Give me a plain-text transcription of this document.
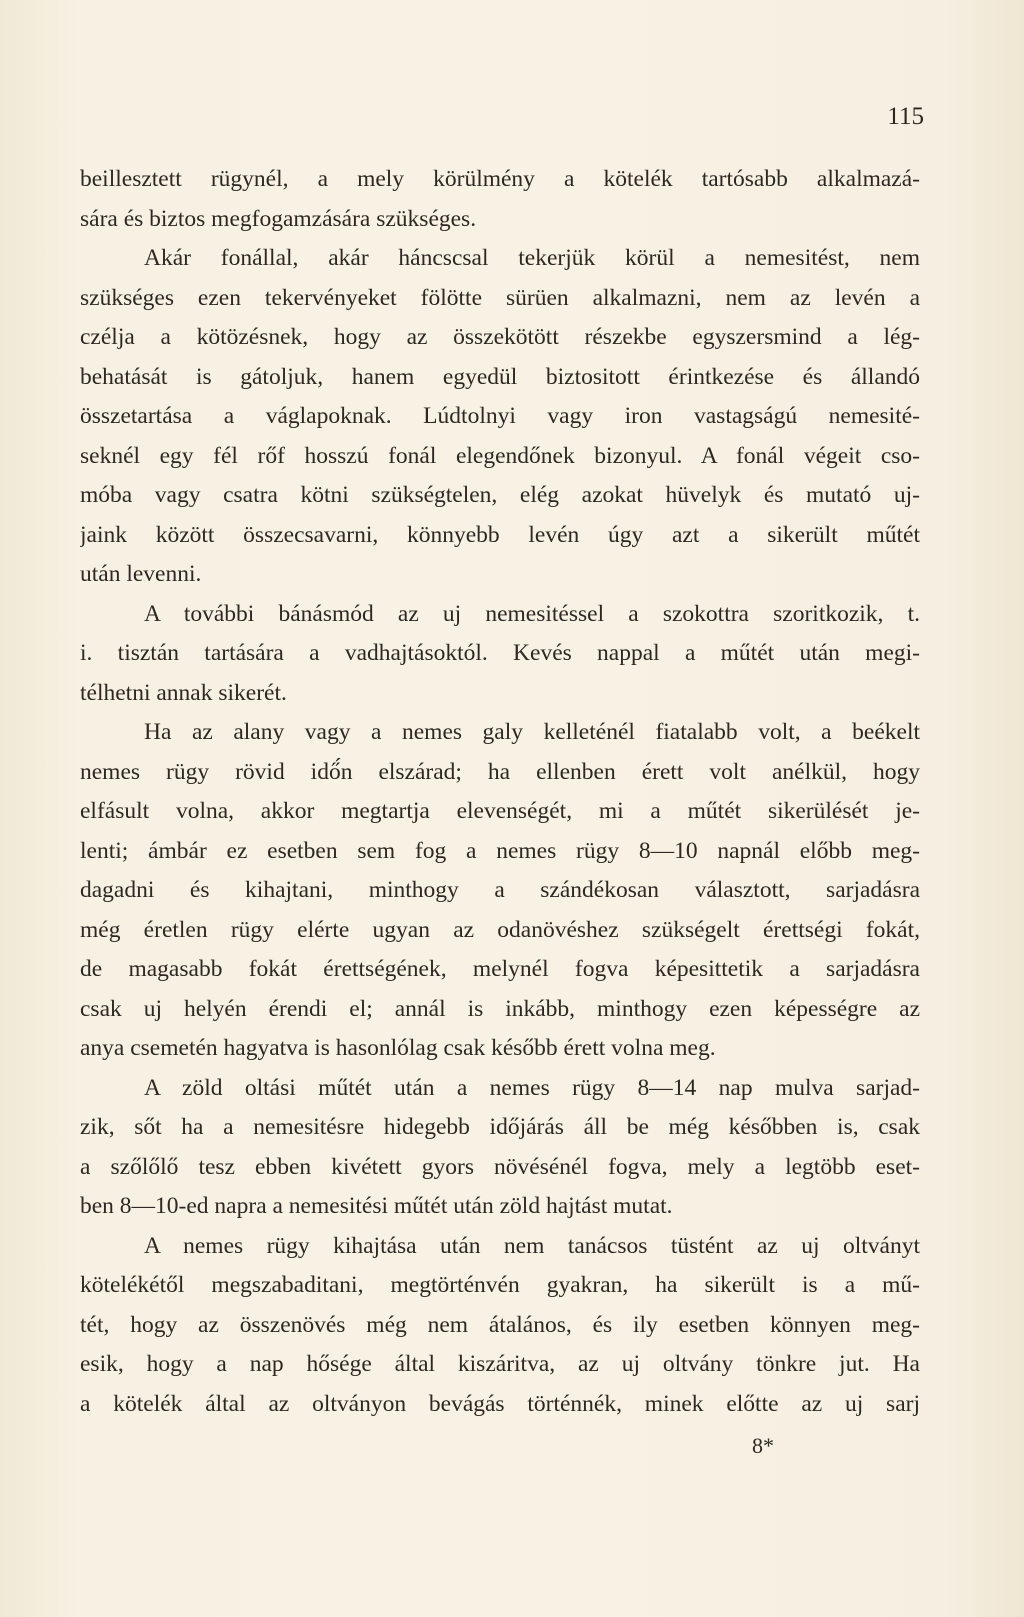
115
beillesztett rügynél, a mely körülmény a kötelék tartósabb alkalmazá-
sára és biztos megfogamzására szükséges.
Akár fonállal, akár háncscsal tekerjük körül a nemesitést, nem
szükséges ezen tekervényeket fölötte sürüen alkalmazni, nem az levén a
czélja a kötözésnek, hogy az összekötött részekbe egyszersmind a lég-
behatását is gátoljuk, hanem egyedül biztositott érintkezése és állandó
összetartása a váglapoknak. Lúdtolnyi vagy iron vastagságú nemesité-
seknél egy fél rőf hosszú fonál elegendőnek bizonyul. A fonál végeit cso-
móba vagy csatra kötni szükségtelen, elég azokat hüvelyk és mutató uj-
jaink között összecsavarni, könnyebb levén úgy azt a sikerült műtét
után levenni.
A további bánásmód az uj nemesitéssel a szokottra szoritkozik, t.
i. tisztán tartására a vadhajtásoktól. Kevés nappal a műtét után megi-
télhetni annak sikerét.
Ha az alany vagy a nemes galy kelleténél fiatalabb volt, a beékelt
nemes rügy rövid idő́n elszárad; ha ellenben érett volt anélkül, hogy
elfásult volna, akkor megtartja elevenségét, mi a műtét sikerülését je-
lenti; ámbár ez esetben sem fog a nemes rügy 8—10 napnál előbb meg-
dagadni és kihajtani, minthogy a szándékosan választott, sarjadásra
még éretlen rügy elérte ugyan az odanövéshez szükségelt érettségi fokát,
de magasabb fokát érettségének, melynél fogva képesittetik a sarjadásra
csak uj helyén érendi el; annál is inkább, minthogy ezen képességre az
anya csemetén hagyatva is hasonlólag csak később érett volna meg.
A zöld oltási műtét után a nemes rügy 8—14 nap mulva sarjad-
zik, sőt ha a nemesitésre hidegebb időjárás áll be még későbben is, csak
a szőlőlő tesz ebben kivétett gyors növésénél fogva, mely a legtöbb eset-
ben 8—10-ed napra a nemesitési műtét után zöld hajtást mutat.
A nemes rügy kihajtása után nem tanácsos tüstént az uj oltványt
kötelékétől megszabaditani, megtörténvén gyakran, ha sikerült is a mű-
tét, hogy az összenövés még nem átalános, és ily esetben könnyen meg-
esik, hogy a nap hősége által kiszáritva, az uj oltvány tönkre jut. Ha
a kötelék által az oltványon bevágás történnék, minek előtte az uj sarj
8*
